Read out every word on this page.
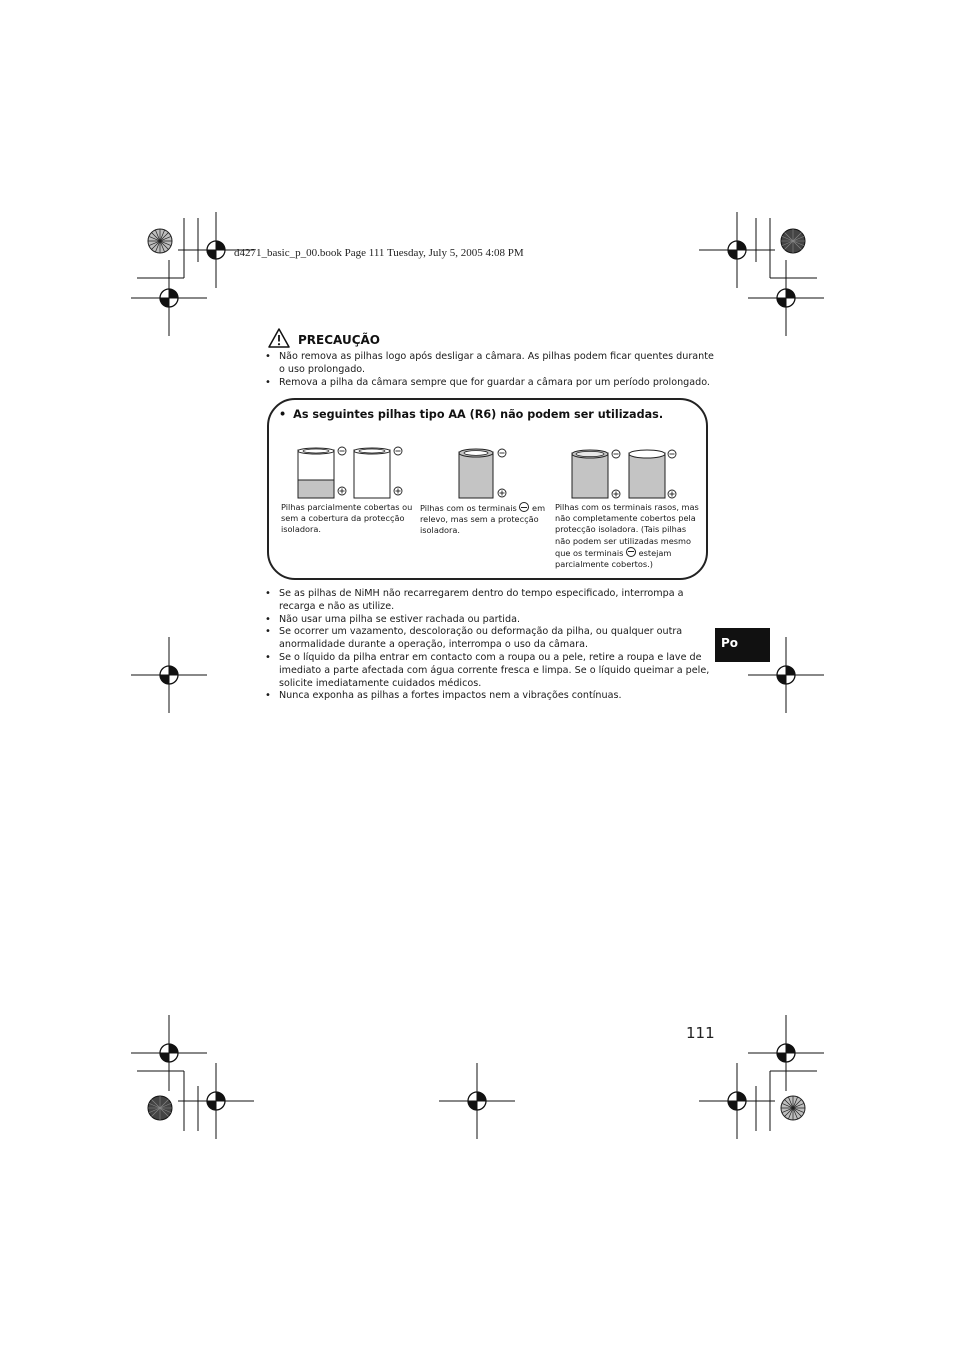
d4271_basic_p_00.book Page 111 Tuesday, July 5, 2005 4:08 PM
PRECAUÇÃO
• Não remova as pilhas logo após desligar a câmara. As pilhas podem ficar quentes durante o uso prolongado.
• Remova a pilha da câmara sempre que for guardar a câmara por um período prolongado.
• As seguintes pilhas tipo AA (R6) não podem ser utilizadas.
Pilhas parcialmente cobertas ou sem a cobertura da protecção isoladora.
Pilhas com os terminais em relevo, mas sem a protecção isoladora.
Pilhas com os terminais rasos, mas não completamente cobertos pela protecção isoladora. (Tais pilhas não podem ser utilizadas mesmo que os terminais estejam parcialmente cobertos.)
• Se as pilhas de NiMH não recarregarem dentro do tempo especificado, interrompa a recarga e não as utilize.
• Não usar uma pilha se estiver rachada ou partida.
• Se ocorrer um vazamento, descoloração ou deformação da pilha, ou qualquer outra anormalidade durante a operação, interrompa o uso da câmara.
• Se o líquido da pilha entrar em contacto com a roupa ou a pele, retire a roupa e lave de imediato a parte afectada com água corrente fresca e limpa. Se o líquido queimar a pele, solicite imediatamente cuidados médicos.
• Nunca exponha as pilhas a fortes impactos nem a vibrações contínuas.
Po
111
